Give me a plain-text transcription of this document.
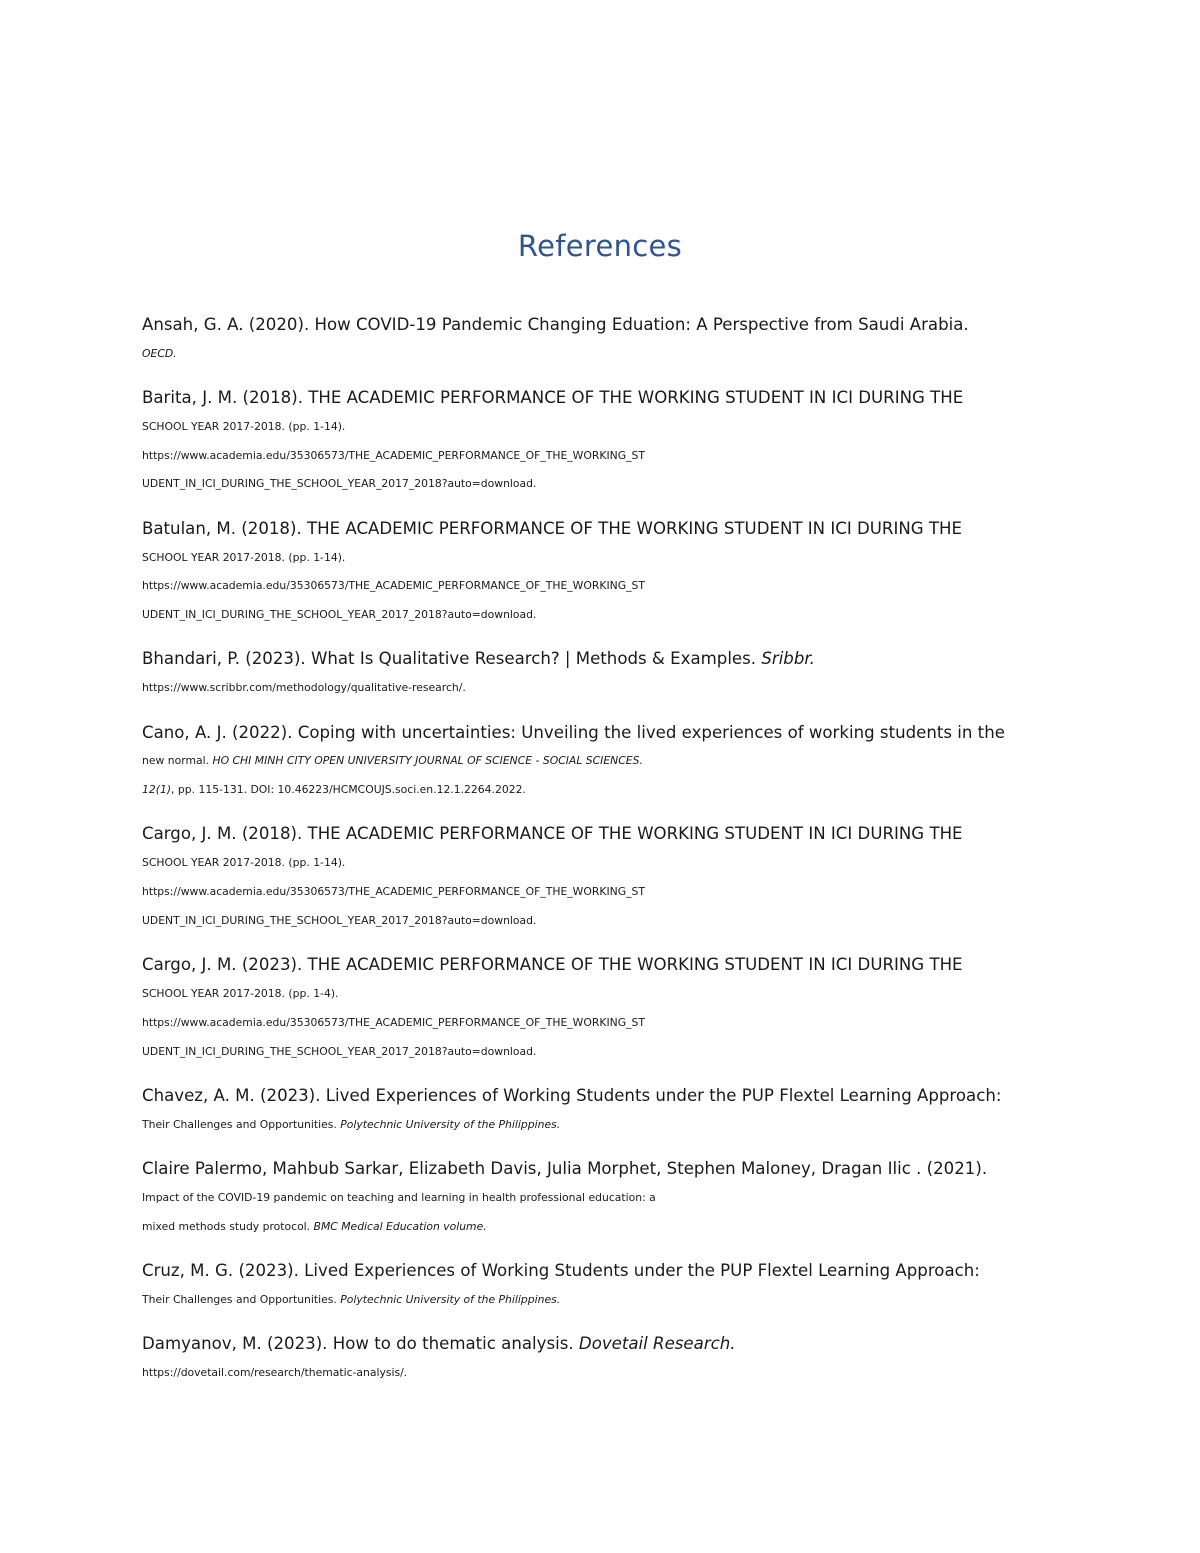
References
Ansah, G. A. (2020). How COVID-19 Pandemic Changing Eduation: A Perspective from Saudi Arabia.
OECD.
Barita, J. M. (2018). THE ACADEMIC PERFORMANCE OF THE WORKING STUDENT IN ICI DURING THE
SCHOOL YEAR 2017-2018. (pp. 1-14).
https://www.academia.edu/35306573/THE_ACADEMIC_PERFORMANCE_OF_THE_WORKING_ST
UDENT_IN_ICI_DURING_THE_SCHOOL_YEAR_2017_2018?auto=download.
Batulan, M. (2018). THE ACADEMIC PERFORMANCE OF THE WORKING STUDENT IN ICI DURING THE
SCHOOL YEAR 2017-2018. (pp. 1-14).
https://www.academia.edu/35306573/THE_ACADEMIC_PERFORMANCE_OF_THE_WORKING_ST
UDENT_IN_ICI_DURING_THE_SCHOOL_YEAR_2017_2018?auto=download.
Bhandari, P. (2023). What Is Qualitative Research? | Methods & Examples. Sribbr.
https://www.scribbr.com/methodology/qualitative-research/.
Cano, A. J. (2022). Coping with uncertainties: Unveiling the lived experiences of working students in the
new normal. HO CHI MINH CITY OPEN UNIVERSITY JOURNAL OF SCIENCE - SOCIAL SCIENCES.
12(1), pp. 115-131. DOI: 10.46223/HCMCOUJS.soci.en.12.1.2264.2022.
Cargo, J. M. (2018). THE ACADEMIC PERFORMANCE OF THE WORKING STUDENT IN ICI DURING THE
SCHOOL YEAR 2017-2018. (pp. 1-14).
https://www.academia.edu/35306573/THE_ACADEMIC_PERFORMANCE_OF_THE_WORKING_ST
UDENT_IN_ICI_DURING_THE_SCHOOL_YEAR_2017_2018?auto=download.
Cargo, J. M. (2023). THE ACADEMIC PERFORMANCE OF THE WORKING STUDENT IN ICI DURING THE
SCHOOL YEAR 2017-2018. (pp. 1-4).
https://www.academia.edu/35306573/THE_ACADEMIC_PERFORMANCE_OF_THE_WORKING_ST
UDENT_IN_ICI_DURING_THE_SCHOOL_YEAR_2017_2018?auto=download.
Chavez, A. M. (2023). Lived Experiences of Working Students under the PUP Flextel Learning Approach:
Their Challenges and Opportunities. Polytechnic University of the Philippines.
Claire Palermo, Mahbub Sarkar, Elizabeth Davis, Julia Morphet, Stephen Maloney, Dragan Ilic . (2021).
Impact of the COVID-19 pandemic on teaching and learning in health professional education: a
mixed methods study protocol. BMC Medical Education volume.
Cruz, M. G. (2023). Lived Experiences of Working Students under the PUP Flextel Learning Approach:
Their Challenges and Opportunities. Polytechnic University of the Philippines.
Damyanov, M. (2023). How to do thematic analysis. Dovetail Research.
https://dovetail.com/research/thematic-analysis/.
